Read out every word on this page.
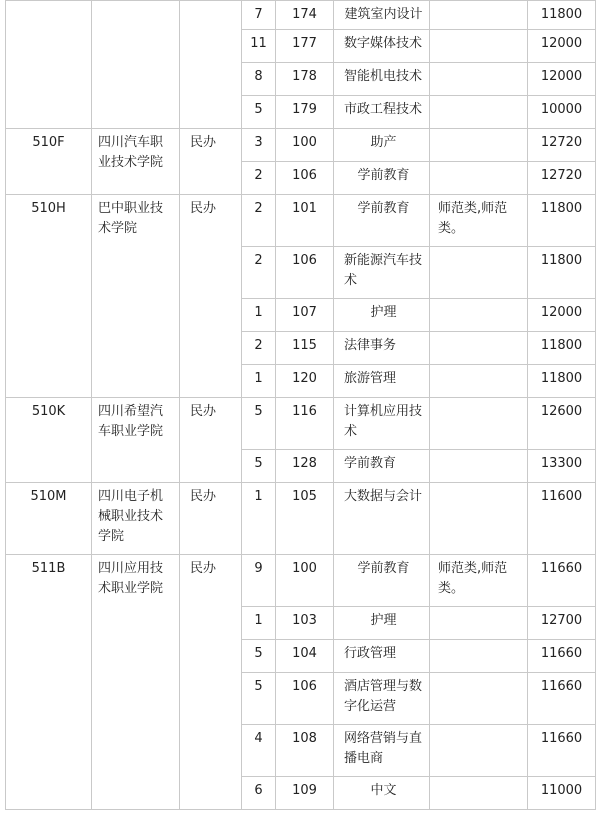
			7	174	建筑室内设计		11800
			11	177	数字媒体技术		12000
			8	178	智能机电技术		12000
			5	179	市政工程技术		10000
510F	四川汽车职业技术学院	民办	3	100	助产		12720
			2	106	学前教育		12720
510H	巴中职业技术学院	民办	2	101	学前教育	师范类,师范类。	11800
			2	106	新能源汽车技术		11800
			1	107	护理		12000
			2	115	法律事务		11800
			1	120	旅游管理		11800
510K	四川希望汽车职业学院	民办	5	116	计算机应用技术		12600
			5	128	学前教育		13300
510M	四川电子机械职业技术学院	民办	1	105	大数据与会计		11600
511B	四川应用技术职业学院	民办	9	100	学前教育	师范类,师范类。	11660
			1	103	护理		12700
			5	104	行政管理		11660
			5	106	酒店管理与数字化运营		11660
			4	108	网络营销与直播电商		11660
			6	109	中文		11000
